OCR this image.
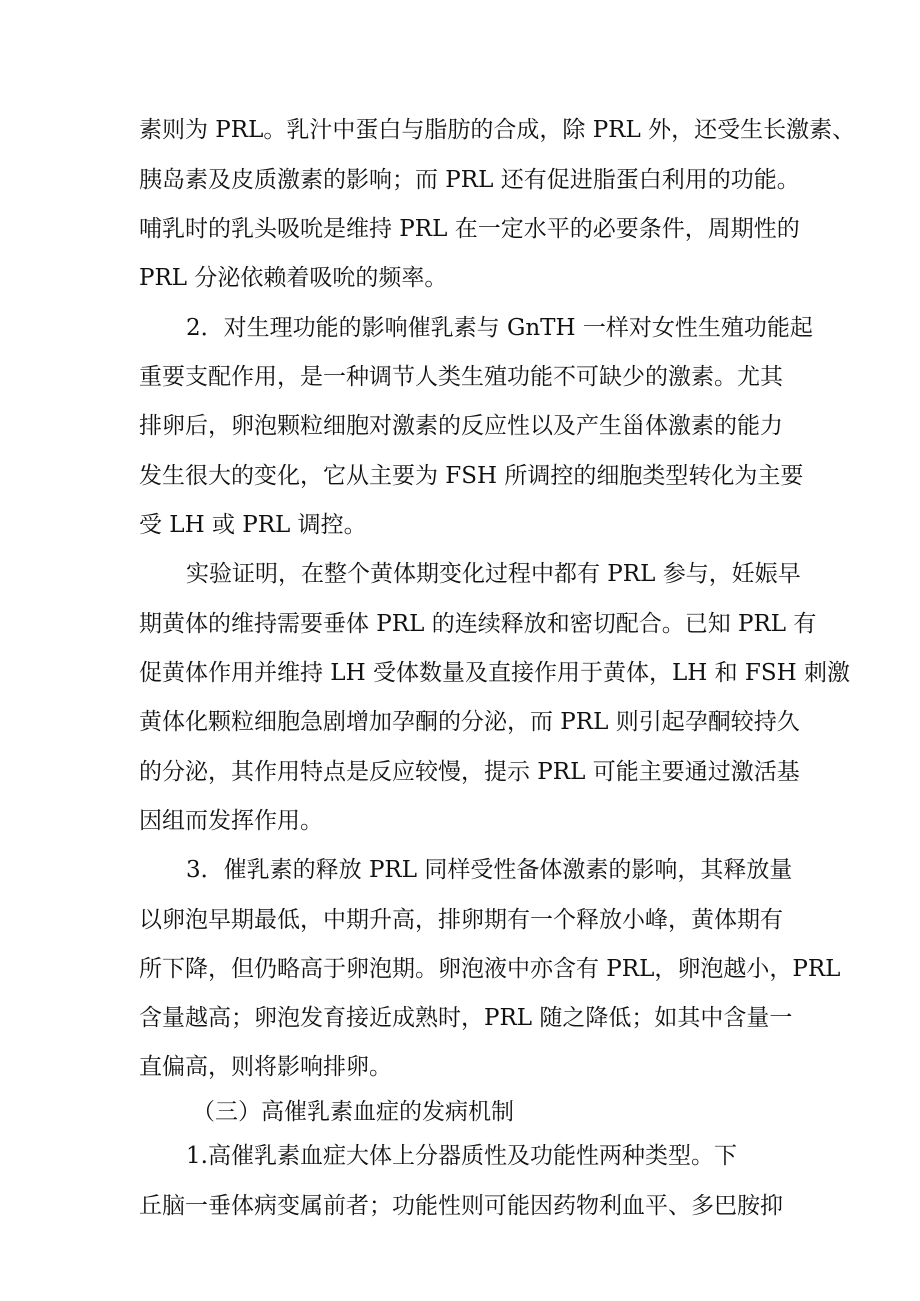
素则为 PRL。乳汁中蛋白与脂肪的合成，除 PRL 外，还受生长激素、
胰岛素及皮质激素的影响；而 PRL 还有促进脂蛋白利用的功能。
哺乳时的乳头吸吮是维持 PRL 在一定水平的必要条件，周期性的
PRL 分泌依赖着吸吮的频率。
2．对生理功能的影响催乳素与 GnTH 一样对女性生殖功能起
重要支配作用，是一种调节人类生殖功能不可缺少的激素。尤其
排卵后，卵泡颗粒细胞对激素的反应性以及产生甾体激素的能力
发生很大的变化，它从主要为 FSH 所调控的细胞类型转化为主要
受 LH 或 PRL 调控。
实验证明，在整个黄体期变化过程中都有 PRL 参与，妊娠早
期黄体的维持需要垂体 PRL 的连续释放和密切配合。已知 PRL 有
促黄体作用并维持 LH 受体数量及直接作用于黄体，LH 和 FSH 刺激
黄体化颗粒细胞急剧增加孕酮的分泌，而 PRL 则引起孕酮较持久
的分泌，其作用特点是反应较慢，提示 PRL 可能主要通过激活基
因组而发挥作用。
3．催乳素的释放 PRL 同样受性备体激素的影响，其释放量
以卵泡早期最低，中期升高，排卵期有一个释放小峰，黄体期有
所下降，但仍略高于卵泡期。卵泡液中亦含有 PRL，卵泡越小，PRL
含量越高；卵泡发育接近成熟时，PRL 随之降低；如其中含量一
直偏高，则将影响排卵。
（三）高催乳素血症的发病机制
1.高催乳素血症大体上分器质性及功能性两种类型。下
丘脑一垂体病变属前者；功能性则可能因药物利血平、多巴胺抑
